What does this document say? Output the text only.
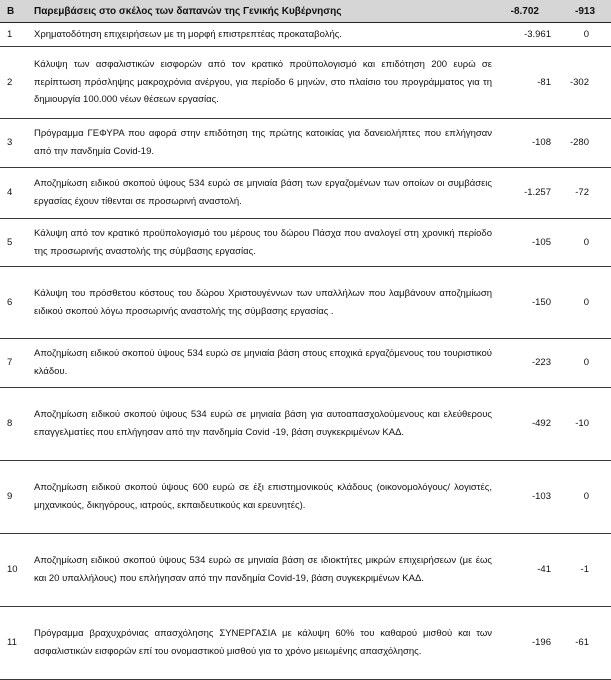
Β	Παρεμβάσεις στο σκέλος των δαπανών της Γενικής Κυβέρνησης	-8.702	-913
1	Χρηματοδότηση επιχειρήσεων με τη μορφή επιστρεπτέας προκαταβολής.	-3.961	0
2	Κάλυψη των ασφαλιστικών εισφορών από τον κρατικό προϋπολογισμό και επιδότηση 200 ευρώ σε περίπτωση πρόσληψης μακροχρόνια ανέργου, για περίοδο 6 μηνών, στο πλαίσιο του προγράμματος για τη δημιουργία 100.000 νέων θέσεων εργασίας.	-81	-302
3	Πρόγραμμα ΓΕΦΥΡΑ που αφορά στην επιδότηση της πρώτης κατοικίας για δανειολήπτες που επλήγησαν από την πανδημία Covid-19.	-108	-280
4	Αποζημίωση ειδικού σκοπού ύψους 534 ευρώ σε μηνιαία βάση των εργαζομένων των οποίων οι συμβάσεις εργασίας έχουν τίθενται σε προσωρινή αναστολή.	-1.257	-72
5	Κάλυψη από τον κρατικό προϋπολογισμό του μέρους του δώρου Πάσχα που αναλογεί στη χρονική περίοδο της προσωρινής αναστολής της σύμβασης εργασίας.	-105	0
6	Κάλυψη του πρόσθετου κόστους του δώρου Χριστουγέννων των υπαλλήλων που λαμβάνουν αποζημίωση ειδικού σκοπού λόγω προσωρινής αναστολής της σύμβασης εργασίας .	-150	0
7	Αποζημίωση ειδικού σκοπού ύψους 534 ευρώ σε μηνιαία βάση στους εποχικά εργαζόμενους του τουριστικού κλάδου.	-223	0
8	Αποζημίωση ειδικού σκοπού ύψους 534 ευρώ σε μηνιαία βάση για αυτοαπασχολούμενους και ελεύθερους επαγγελματίες που επλήγησαν από την πανδημία Covid -19, βάση συγκεκριμένων ΚΑΔ.	-492	-10
9	Αποζημίωση ειδικού σκοπού ύψους 600 ευρώ σε έξι επιστημονικούς κλάδους (οικονομολόγους/ λογιστές, μηχανικούς, δικηγόρους, ιατρούς, εκπαιδευτικούς και ερευνητές).	-103	0
10	Αποζημίωση ειδικού σκοπού ύψους 534 ευρώ σε μηνιαία βάση σε ιδιοκτήτες μικρών επιχειρήσεων (με έως και 20 υπαλλήλους) που επλήγησαν από την πανδημία Covid-19, βάση συγκεκριμένων ΚΑΔ.	-41	-1
11	Πρόγραμμα βραχυχρόνιας απασχόλησης ΣΥΝΕΡΓΑΣΙΑ με κάλυψη 60% του καθαρού μισθού και των ασφαλιστικών εισφορών επί του ονομαστικού μισθού για το χρόνο μειωμένης απασχόλησης.	-196	-61
